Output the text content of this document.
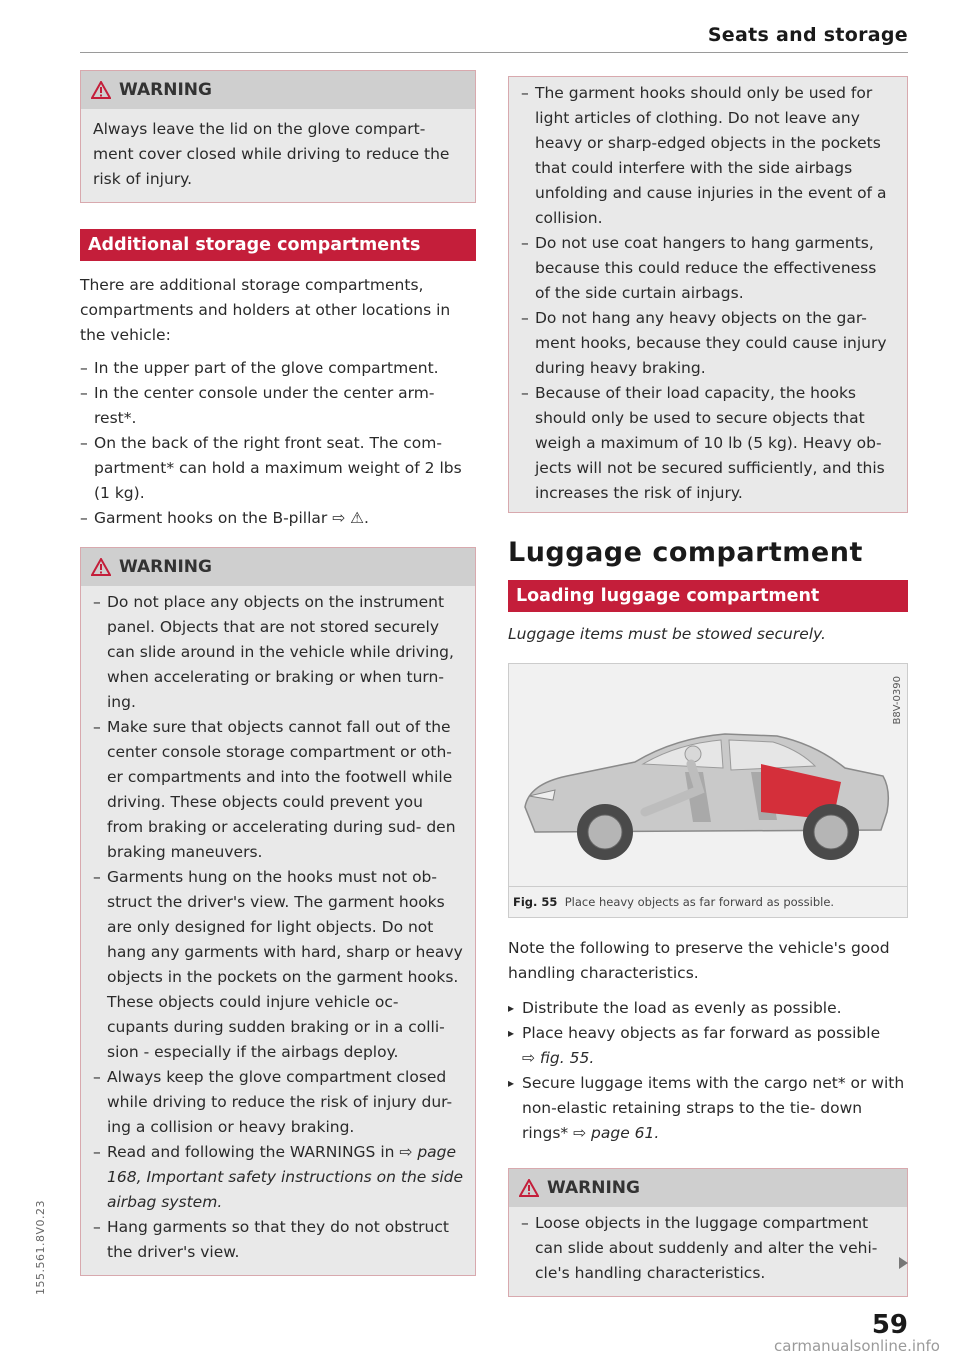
Seats and storage
WARNING
Always leave the lid on the glove compart- ment cover closed while driving to reduce the risk of injury.
Additional storage compartments

There are additional storage compartments, compartments and holders at other locations in the vehicle:

– In the upper part of the glove compartment.
– In the center console under the center arm- rest*.
– On the back of the right front seat. The com- partment* can hold a maximum weight of 2 lbs (1 kg).
– Garment hooks on the B-pillar ⇨ ⚠.
WARNING
– Do not place any objects on the instrument panel. Objects that are not stored securely can slide around in the vehicle while driving, when accelerating or braking or when turn- ing.
– Make sure that objects cannot fall out of the center console storage compartment or oth- er compartments and into the footwell while driving. These objects could prevent you from braking or accelerating during sud- den braking maneuvers.
– Garments hung on the hooks must not ob- struct the driver's view. The garment hooks are only designed for light objects. Do not hang any garments with hard, sharp or heavy objects in the pockets on the garment hooks. These objects could injure vehicle oc- cupants during sudden braking or in a colli- sion - especially if the airbags deploy.
– Always keep the glove compartment closed while driving to reduce the risk of injury dur- ing a collision or heavy braking.
– Read and following the WARNINGS in ⇨ page 168, Important safety instructions on the side airbag system.
– Hang garments so that they do not obstruct the driver's view.
– The garment hooks should only be used for light articles of clothing. Do not leave any heavy or sharp-edged objects in the pockets that could interfere with the side airbags unfolding and cause injuries in the event of a collision.
– Do not use coat hangers to hang garments, because this could reduce the effectiveness of the side curtain airbags.
– Do not hang any heavy objects on the gar- ment hooks, because they could cause injury during heavy braking.
– Because of their load capacity, the hooks should only be used to secure objects that weigh a maximum of 10 lb (5 kg). Heavy ob- jects will not be secured sufficiently, and this increases the risk of injury.
Luggage compartment
Loading luggage compartment

Luggage items must be stowed securely.

B8V-0390
Fig. 55 Place heavy objects as far forward as possible.

Note the following to preserve the vehicle's good handling characteristics.

▸ Distribute the load as evenly as possible.
▸ Place heavy objects as far forward as possible
⇨ fig. 55.
▸ Secure luggage items with the cargo net* or with non-elastic retaining straps to the tie- down rings* ⇨ page 61.
WARNING
– Loose objects in the luggage compartment can slide about suddenly and alter the vehi- cle's handling characteristics.
155.561.8V0.23
59
carmanualsonline.info
